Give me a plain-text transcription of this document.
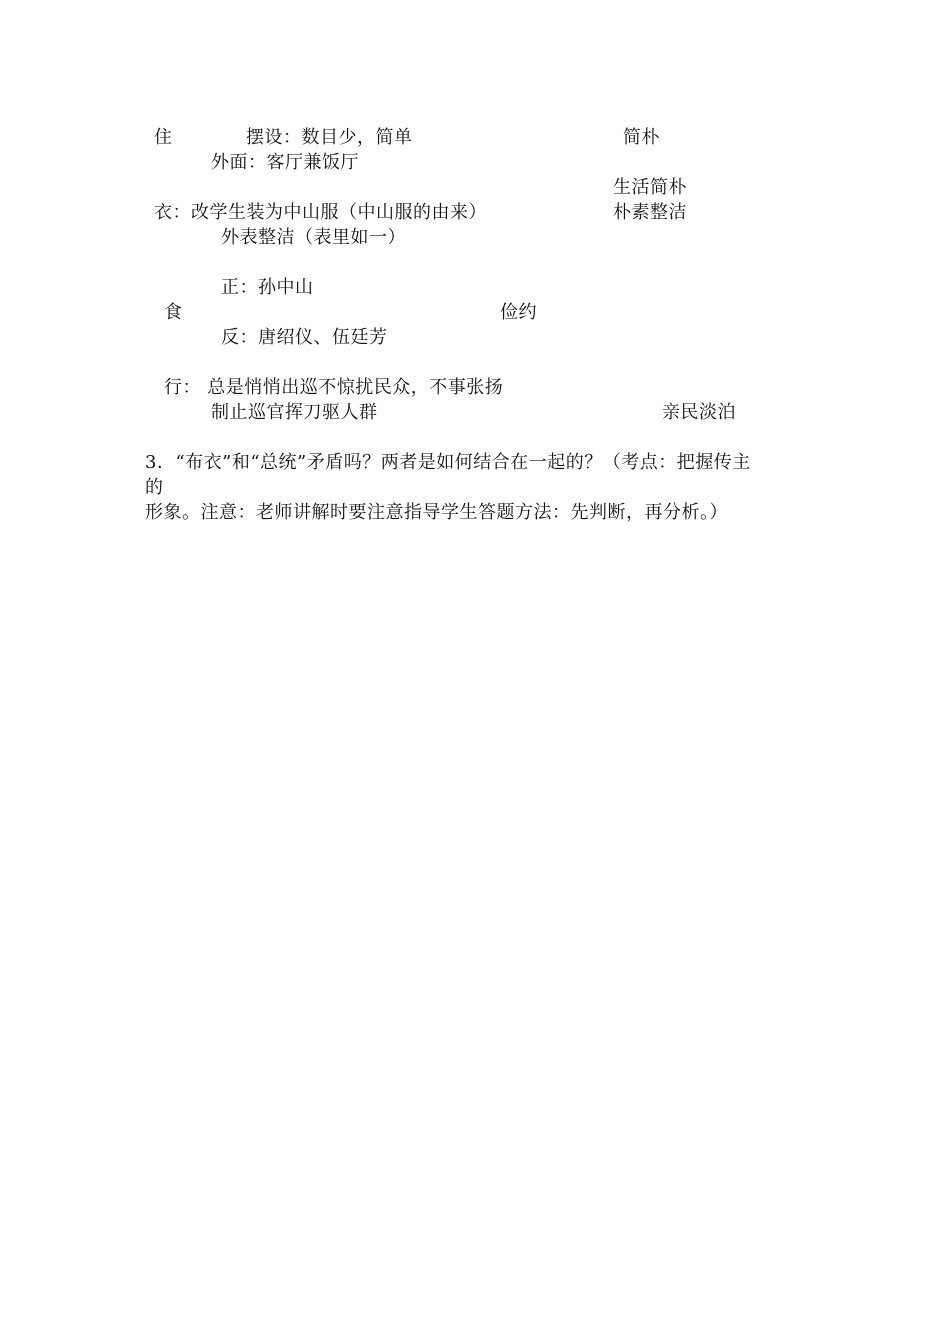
住	摆设：数目少，简单	简朴
外面：客厅兼饭厅
生活简朴
衣：改学生装为中山服（中山服的由来）	朴素整洁
外表整洁（表里如一）
正：孙中山
食	俭约
反：唐绍仪、伍廷芳
行： 总是悄悄出巡不惊扰民众，不事张扬
制止巡官挥刀驱人群	亲民淡泊
3．“布衣”和“总统”矛盾吗？两者是如何结合在一起的？（考点：把握传主
的
形象。注意：老师讲解时要注意指导学生答题方法：先判断，再分析。）
